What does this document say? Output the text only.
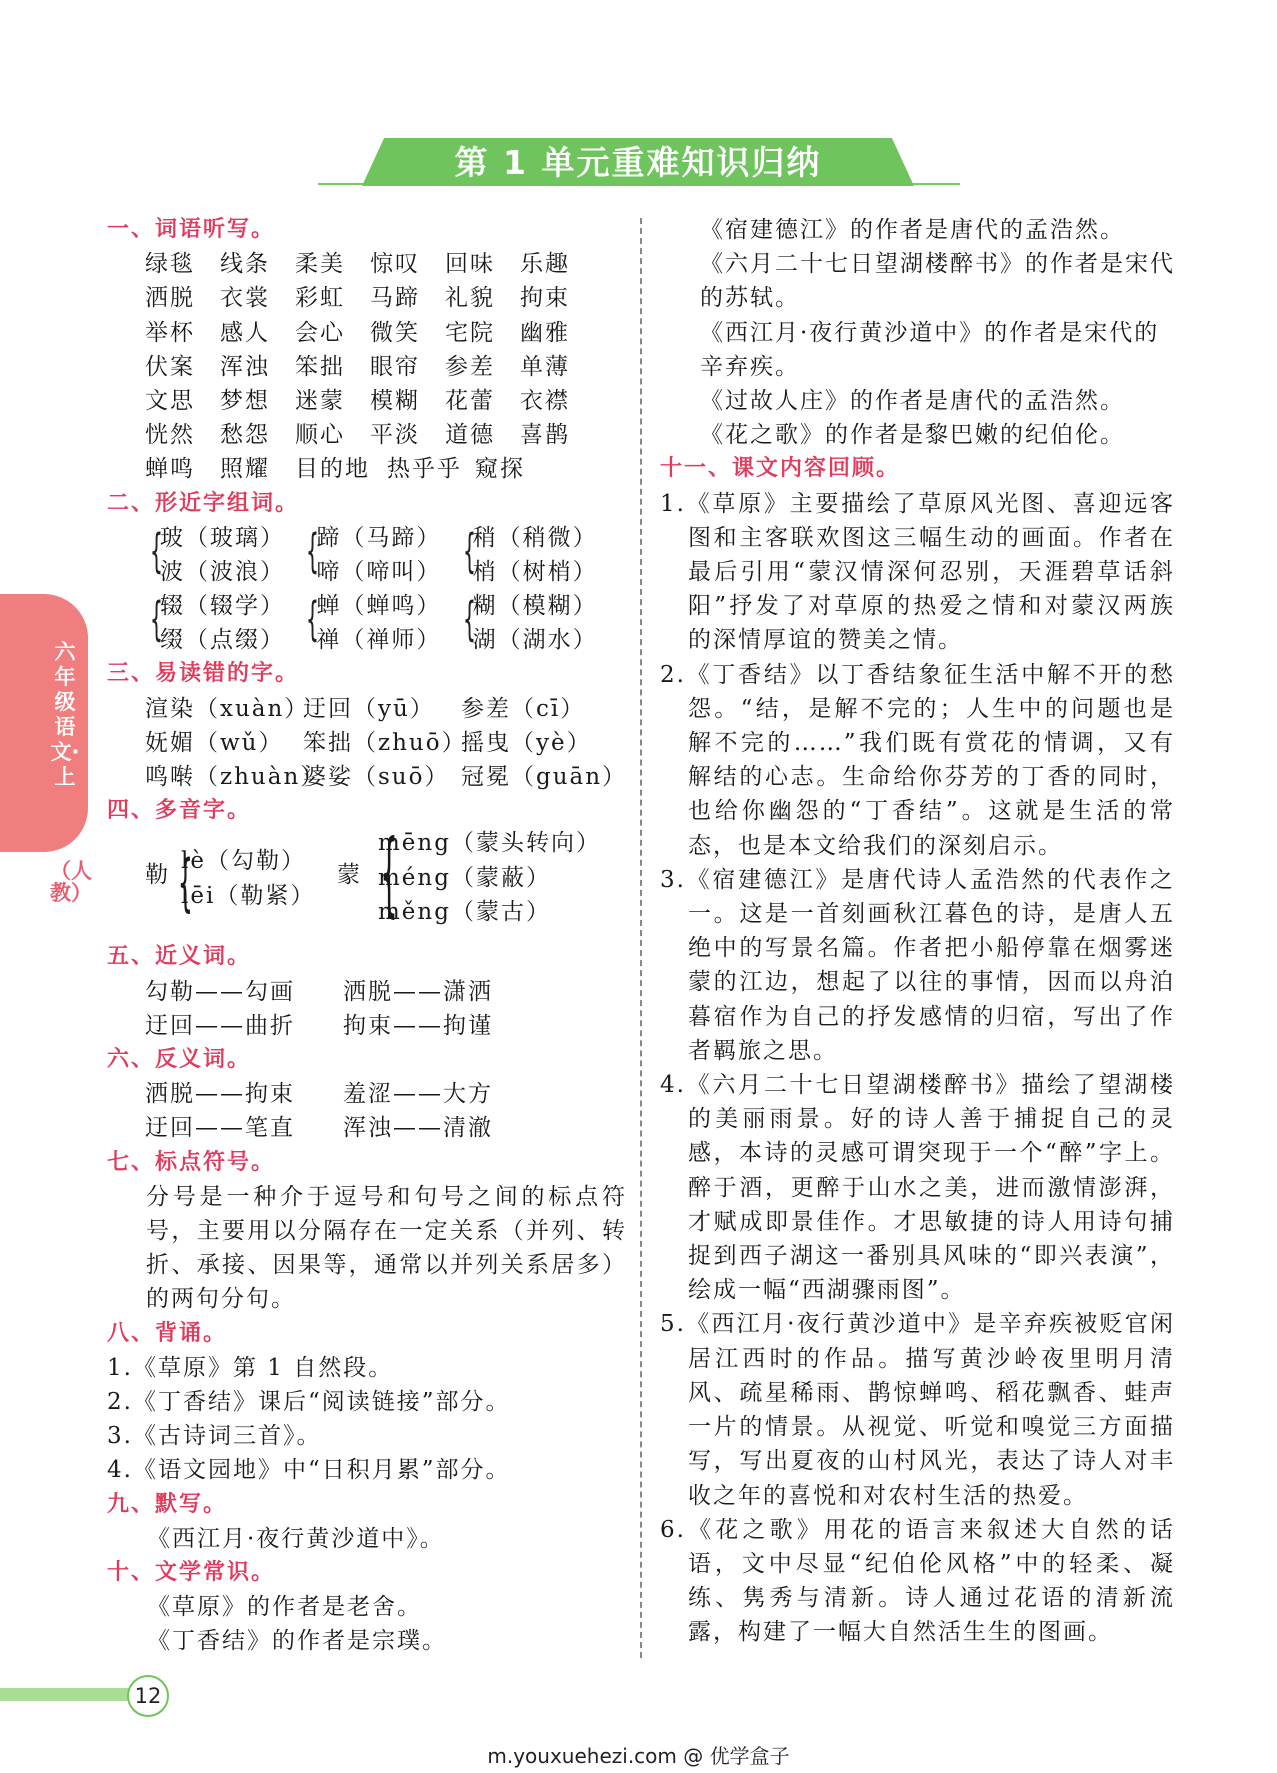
第 1 单元重难知识归纳
六年级语文·上
（人教）
一、词语听写。
绿毯 线条 柔美 惊叹 回味 乐趣
洒脱 衣裳 彩虹 马蹄 礼貌 拘束
举杯 感人 会心 微笑 宅院 幽雅
伏案 浑浊 笨拙 眼帘 参差 单薄
文思 梦想 迷蒙 模糊 花蕾 衣襟
恍然 愁怨 顺心 平淡 道德 喜鹊
蝉鸣 照耀 目的地 热乎乎 窥探
二、形近字组词。
{
玻（玻璃）
波（波浪） {
蹄（马蹄）
啼（啼叫） {
稍（稍微）
梢（树梢）
{
辍（辍学）
缀（点缀） {
蝉（蝉鸣）
禅（禅师） {
糊（模糊）
湖（湖水）
三、易读错的字。
渲染（xuàn）迂回（yū） 参差（cī）
妩媚（wǔ） 笨拙（zhuō）摇曳（yè）
鸣啭（zhuàn）婆娑（suō） 冠冕（guān）
四、多音字。
勒 {
lè（勾勒）
lēi（勒紧）
蒙 {
mēng（蒙头转向）
méng（蒙蔽）
měng（蒙古）
五、近义词。
勾勒——勾画 洒脱——潇洒
迂回——曲折 拘束——拘谨
六、反义词。
洒脱——拘束 羞涩——大方
迂回——笔直 浑浊——清澈
七、标点符号。
分号是一种介于逗号和句号之间的标点符号，主要用以分隔存在一定关系（并列、转折、承接、因果等，通常以并列关系居多）的两句分句。
八、背诵。
1.《草原》第 1 自然段。
2.《丁香结》课后“阅读链接”部分。
3.《古诗词三首》。
4.《语文园地》中“日积月累”部分。
九、默写。
《西江月·夜行黄沙道中》。
十、文学常识。
《草原》的作者是老舍。
《丁香结》的作者是宗璞。
《宿建德江》的作者是唐代的孟浩然。
《六月二十七日望湖楼醉书》的作者是宋代的苏轼。
《西江月·夜行黄沙道中》的作者是宋代的辛弃疾。
《过故人庄》的作者是唐代的孟浩然。
《花之歌》的作者是黎巴嫩的纪伯伦。
十一、课文内容回顾。
1.《草原》主要描绘了草原风光图、喜迎远客图和主客联欢图这三幅生动的画面。作者在最后引用“蒙汉情深何忍别，天涯碧草话斜阳”抒发了对草原的热爱之情和对蒙汉两族的深情厚谊的赞美之情。
2.《丁香结》以丁香结象征生活中解不开的愁怨。“结，是解不完的；人生中的问题也是解不完的……”我们既有赏花的情调，又有解结的心志。生命给你芬芳的丁香的同时，也给你幽怨的“丁香结”。这就是生活的常态，也是本文给我们的深刻启示。
3.《宿建德江》是唐代诗人孟浩然的代表作之一。这是一首刻画秋江暮色的诗，是唐人五绝中的写景名篇。作者把小船停靠在烟雾迷蒙的江边，想起了以往的事情，因而以舟泊暮宿作为自己的抒发感情的归宿，写出了作者羁旅之思。
4.《六月二十七日望湖楼醉书》描绘了望湖楼的美丽雨景。好的诗人善于捕捉自己的灵感，本诗的灵感可谓突现于一个“醉”字上。醉于酒，更醉于山水之美，进而激情澎湃，才赋成即景佳作。才思敏捷的诗人用诗句捕捉到西子湖这一番别具风味的“即兴表演”，绘成一幅“西湖骤雨图”。
5.《西江月·夜行黄沙道中》是辛弃疾被贬官闲居江西时的作品。描写黄沙岭夜里明月清风、疏星稀雨、鹊惊蝉鸣、稻花飘香、蛙声一片的情景。从视觉、听觉和嗅觉三方面描写，写出夏夜的山村风光，表达了诗人对丰收之年的喜悦和对农村生活的热爱。
6.《花之歌》用花的语言来叙述大自然的话语，文中尽显“纪伯伦风格”中的轻柔、凝练、隽秀与清新。诗人通过花语的清新流露，构建了一幅大自然活生生的图画。
12
m.youxuehezi.com @ 优学盒子
